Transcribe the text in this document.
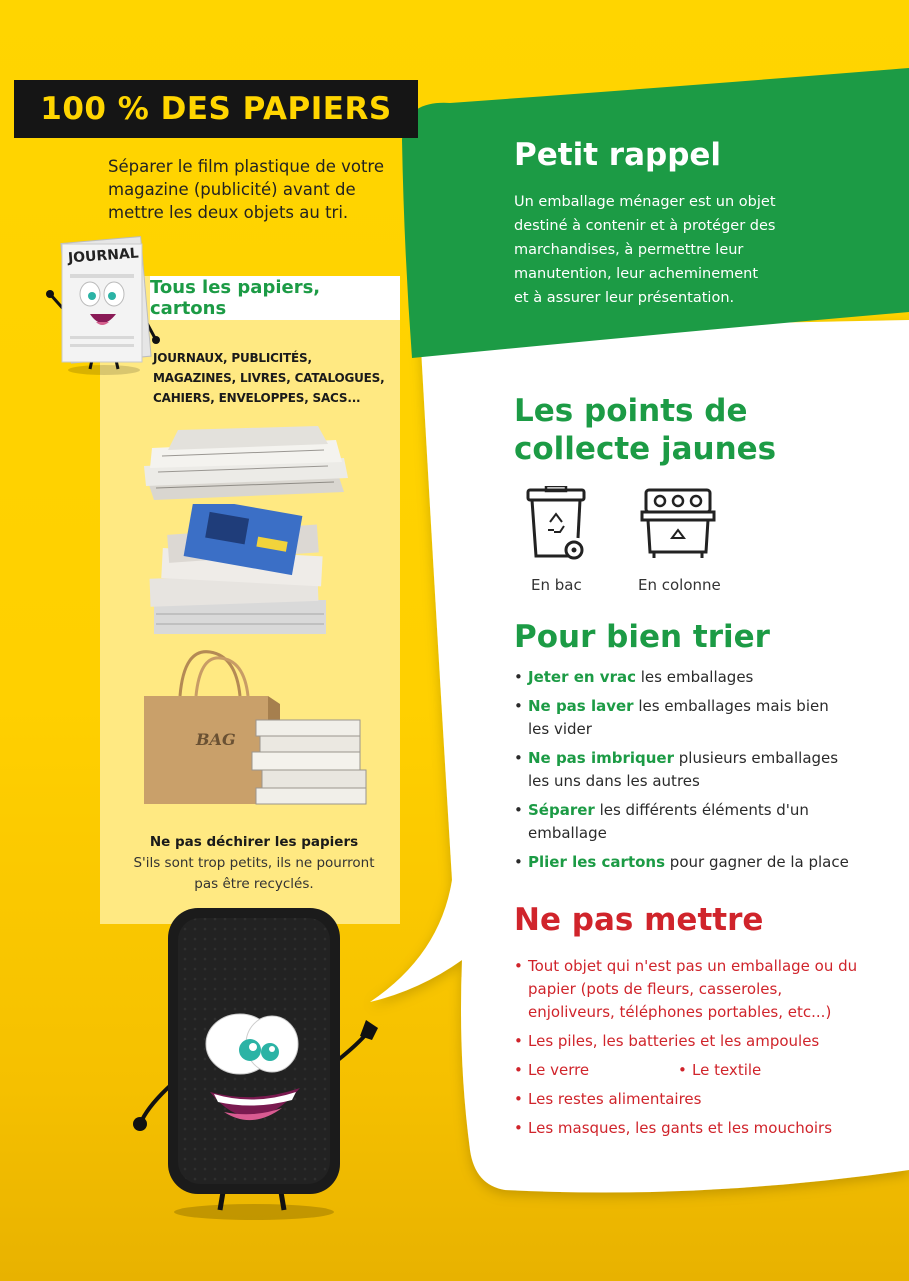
100 % DES PAPIERS
Séparer le film plastique de votre magazine (publicité) avant de mettre les deux objets au tri.
JOURNAL
Tous les papiers, cartons
JOURNAUX, PUBLICITÉS,
MAGAZINES, LIVRES, CATALOGUES,
CAHIERS, ENVELOPPES, SACS...
BAG
Ne pas déchirer les papiers
S'ils sont trop petits, ils ne pourront
pas être recyclés.
Petit rappel
Un emballage ménager est un objet
destiné à contenir et à protéger des
marchandises, à permettre leur
manutention, leur acheminement
et à assurer leur présentation.
Les points de
collecte jaunes
En bac	En colonne
Pour bien trier
• Jeter en vrac les emballages
• Ne pas laver les emballages mais bien les vider
• Ne pas imbriquer plusieurs emballages les uns dans les autres
• Séparer les différents éléments d'un emballage
• Plier les cartons pour gagner de la place
Ne pas mettre
• Tout objet qui n'est pas un emballage ou du papier (pots de fleurs, casseroles, enjoliveurs, téléphones portables, etc...)
• Les piles, les batteries et les ampoules
• Le verre	• Le textile
• Les restes alimentaires
• Les masques, les gants et les mouchoirs
